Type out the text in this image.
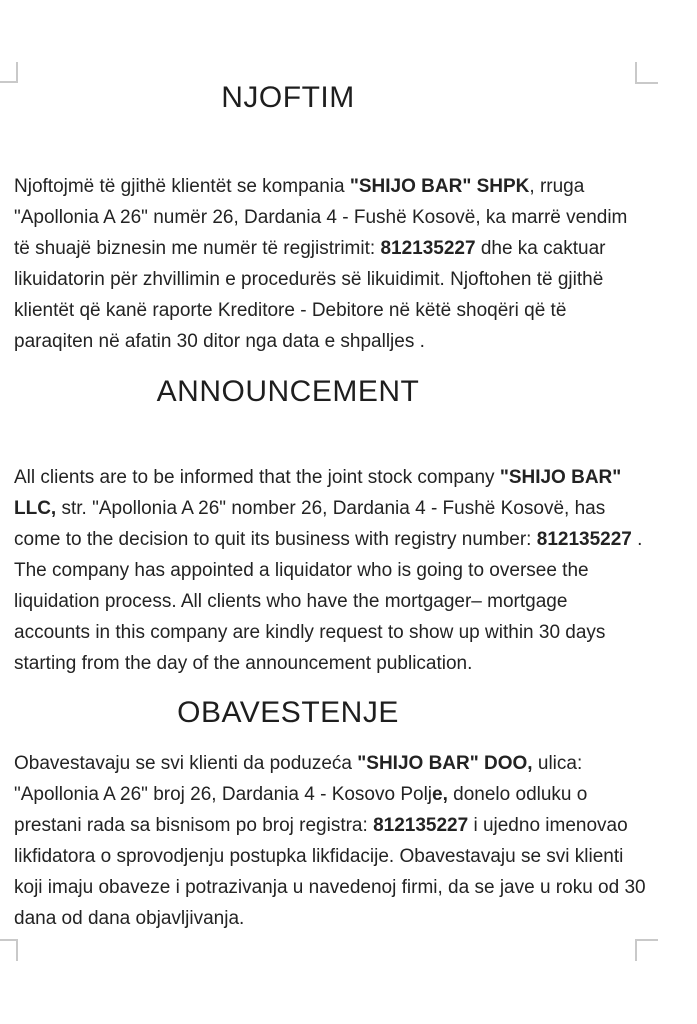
NJOFTIM

Njoftojmë të gjithë klientët se kompania "SHIJO BAR" SHPK, rruga "Apollonia A 26" numër 26, Dardania 4 - Fushë Kosovë, ka marrë vendim të shuajë biznesin me numër të regjistrimit: 812135227 dhe ka caktuar likuidatorin për zhvillimin e procedurës së likuidimit. Njoftohen të gjithë klientët që kanë raporte Kreditore - Debitore në këtë shoqëri që të paraqiten në afatin 30 ditor nga data e shpalljes .

ANNOUNCEMENT

All clients are to be informed that the joint stock company "SHIJO BAR" LLC, str. "Apollonia A 26" nomber 26, Dardania 4 - Fushë Kosovë, has come to the decision to quit its business with registry number: 812135227 . The company has appointed a liquidator who is going to oversee the liquidation process. All clients who have the mortgager– mortgage accounts in this company are kindly request to show up within 30 days starting from the day of the announcement publication.

OBAVESTENJE

Obavestavaju se svi klienti da poduzeća "SHIJO BAR" DOO, ulica: "Apollonia A 26" broj 26, Dardania 4 - Kosovo Polje, donelo odluku o prestani rada sa bisnisom po broj registra: 812135227 i ujedno imenovao likfidatora o sprovodjenju postupka likfidacije. Obavestavaju se svi klienti koji imaju obaveze i potrazivanja u navedenoj firmi, da se jave u roku od 30 dana od dana objavljivanja.
